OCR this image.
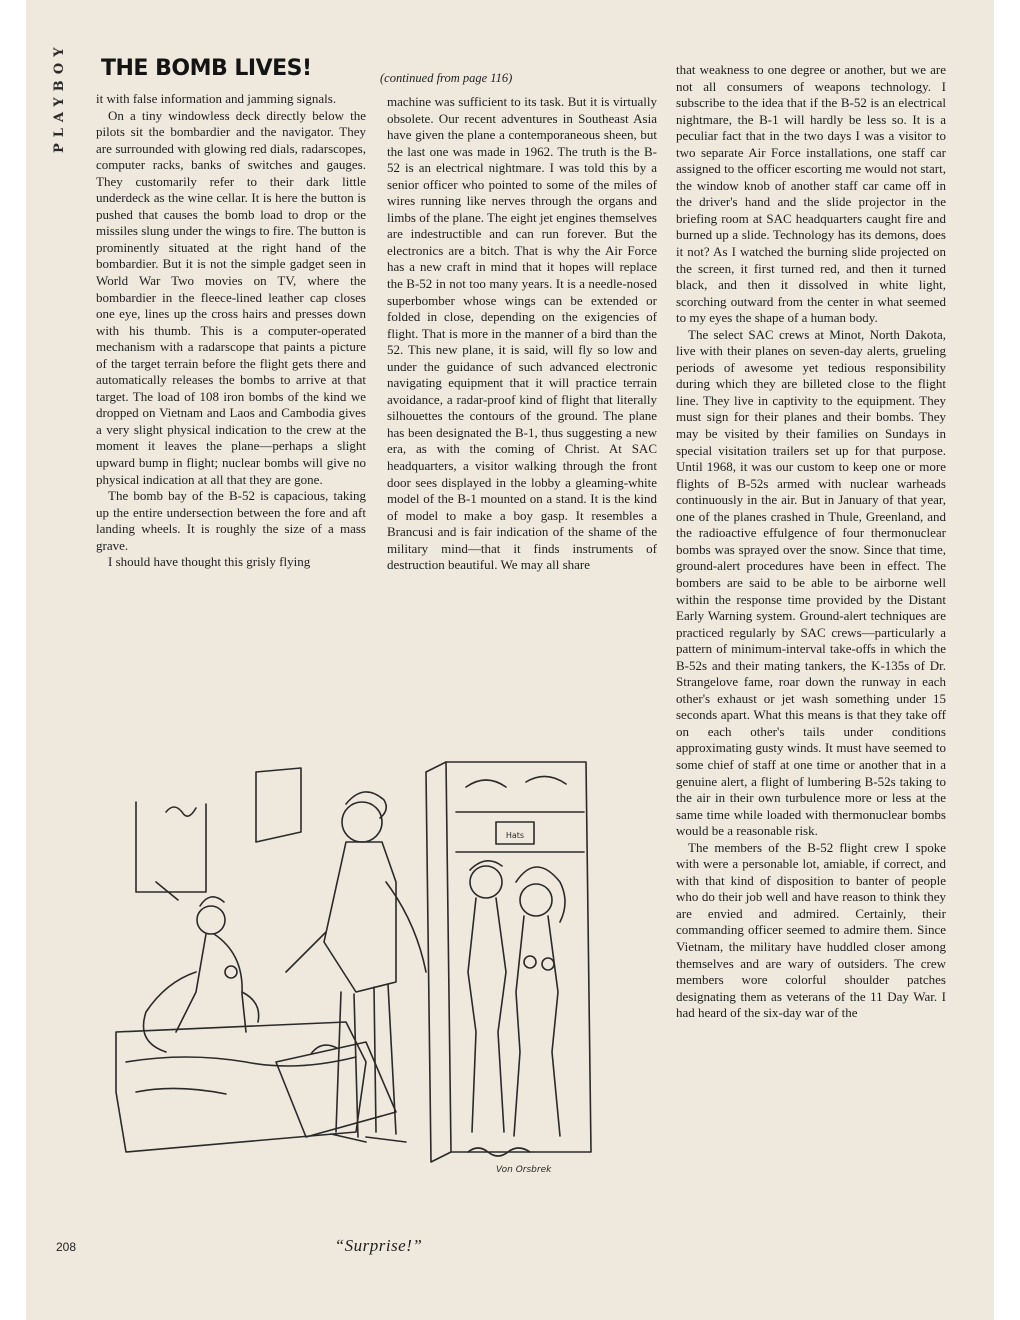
PLAYBOY THE BOMB LIVES!	(continued from page 116)

it with false information and jamming signals.

On a tiny windowless deck directly below the pilots sit the bombardier and the navigator. They are surrounded with glowing red dials, radarscopes, computer racks, banks of switches and gauges. They customarily refer to their dark little underdeck as the wine cellar. It is here the button is pushed that causes the bomb load to drop or the missiles slung under the wings to fire. The button is prominently situated at the right hand of the bombardier. But it is not the simple gadget seen in World War Two movies on TV, where the bombardier in the fleece-lined leather cap closes one eye, lines up the cross hairs and presses down with his thumb. This is a computer-operated mechanism with a radarscope that paints a picture of the target terrain before the flight gets there and automatically releases the bombs to arrive at that target. The load of 108 iron bombs of the kind we dropped on Vietnam and Laos and Cambodia gives a very slight physical indication to the crew at the moment it leaves the plane—perhaps a slight upward bump in flight; nuclear bombs will give no physical indication at all that they are gone.

The bomb bay of the B-52 is capacious, taking up the entire undersection between the fore and aft landing wheels. It is roughly the size of a mass grave.

I should have thought this grisly flying

machine was sufficient to its task. But it is virtually obsolete. Our recent adventures in Southeast Asia have given the plane a contemporaneous sheen, but the last one was made in 1962. The truth is the B-52 is an electrical nightmare. I was told this by a senior officer who pointed to some of the miles of wires running like nerves through the organs and limbs of the plane. The eight jet engines themselves are indestructible and can run forever. But the electronics are a bitch. That is why the Air Force has a new craft in mind that it hopes will replace the B-52 in not too many years. It is a needle-nosed superbomber whose wings can be extended or folded in close, depending on the exigencies of flight. That is more in the manner of a bird than the 52. This new plane, it is said, will fly so low and under the guidance of such advanced electronic navigating equipment that it will practice terrain avoidance, a radar-proof kind of flight that literally silhouettes the contours of the ground. The plane has been designated the B-1, thus suggesting a new era, as with the coming of Christ. At SAC headquarters, a visitor walking through the front door sees displayed in the lobby a gleaming-white model of the B-1 mounted on a stand. It is the kind of model to make a boy gasp. It resembles a Brancusi and is fair indication of the shame of the military mind—that it finds instruments of destruction beautiful. We may all share

that weakness to one degree or another, but we are not all consumers of weapons technology. I subscribe to the idea that if the B-52 is an electrical nightmare, the B-1 will hardly be less so. It is a peculiar fact that in the two days I was a visitor to two separate Air Force installations, one staff car assigned to the officer escorting me would not start, the window knob of another staff car came off in the driver's hand and the slide projector in the briefing room at SAC headquarters caught fire and burned up a slide. Technology has its demons, does it not? As I watched the burning slide projected on the screen, it first turned red, and then it turned black, and then it dissolved in white light, scorching outward from the center in what seemed to my eyes the shape of a human body.

The select SAC crews at Minot, North Dakota, live with their planes on seven-day alerts, grueling periods of awesome yet tedious responsibility during which they are billeted close to the flight line. They live in captivity to the equipment. They must sign for their planes and their bombs. They may be visited by their families on Sundays in special visitation trailers set up for that purpose. Until 1968, it was our custom to keep one or more flights of B-52s armed with nuclear warheads continuously in the air. But in January of that year, one of the planes crashed in Thule, Greenland, and the radioactive effulgence of four thermonuclear bombs was sprayed over the snow. Since that time, ground-alert procedures have been in effect. The bombers are said to be able to be airborne well within the response time provided by the Distant Early Warning system. Ground-alert techniques are practiced regularly by SAC crews—particularly a pattern of minimum-interval take-offs in which the B-52s and their mating tankers, the K-135s of Dr. Strangelove fame, roar down the runway in each other's exhaust or jet wash something under 15 seconds apart. What this means is that they take off on each other's tails under conditions approximating gusty winds. It must have seemed to some chief of staff at one time or another that in a genuine alert, a flight of lumbering B-52s taking to the air in their own turbulence more or less at the same time while loaded with thermonuclear bombs would be a reasonable risk.

The members of the B-52 flight crew I spoke with were a personable lot, amiable, if correct, and with that kind of disposition to banter of people who do their job well and have reason to think they are envied and admired. Certainly, their commanding officer seemed to admire them. Since Vietnam, the military have huddled closer among themselves and are wary of outsiders. The crew members wore colorful shoulder patches designating them as veterans of the 11 Day War. I had heard of the six-day war of the

Hats
Von Orsbrek
“Surprise!”
208
